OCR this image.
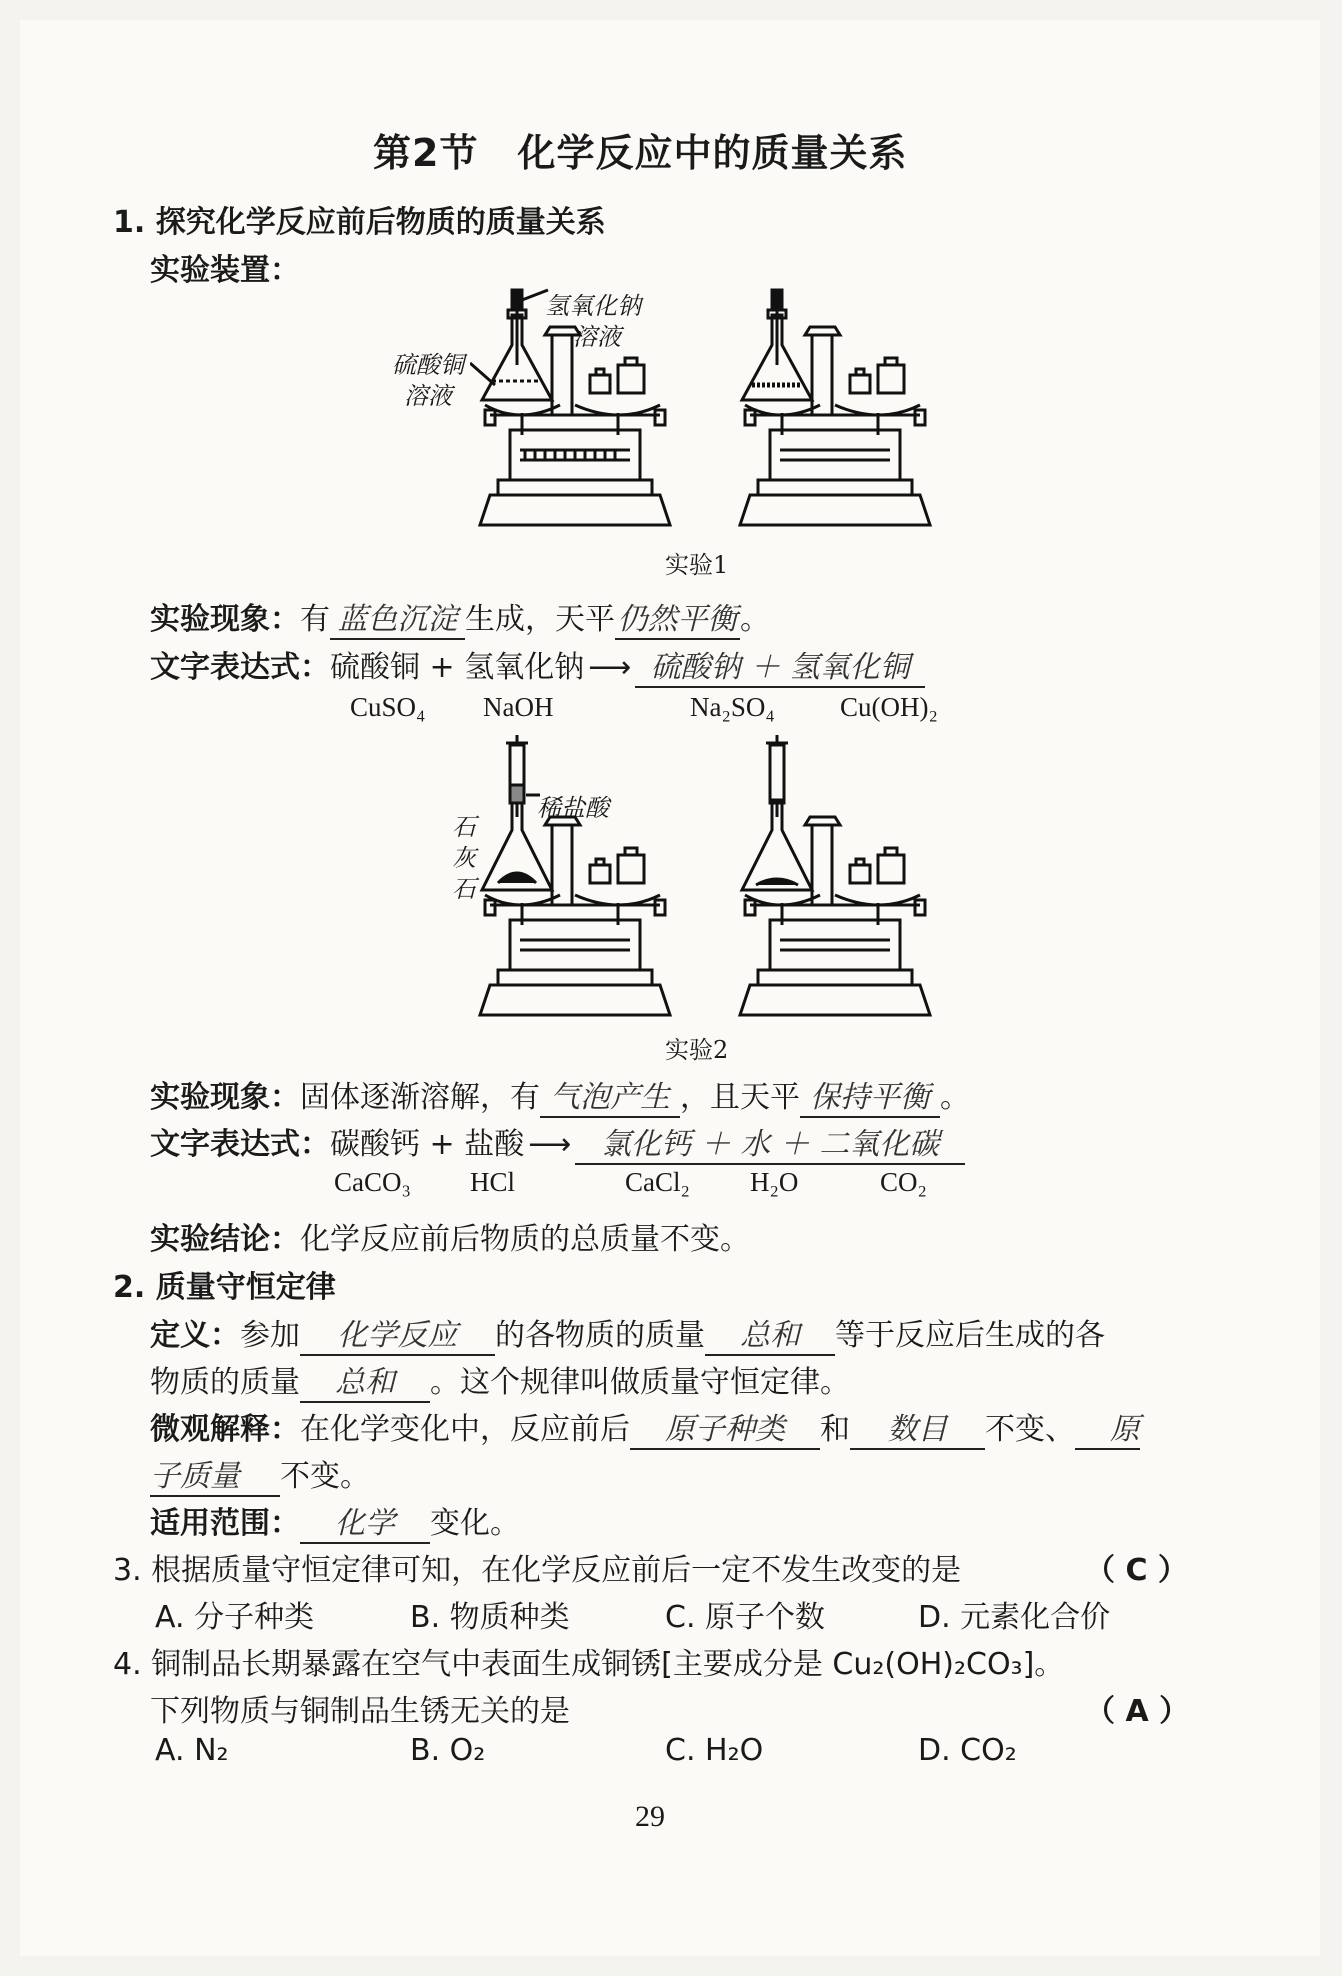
第2节　化学反应中的质量关系
1. 探究化学反应前后物质的质量关系
实验装置：
氢氧化钠
溶液
硫酸铜
溶液
实验1
实验现象：有 蓝色沉淀 生成，天平仍然平衡。
文字表达式：硫酸铜 + 氢氧化钠 ⟶ 硫酸钠 ＋ 氢氧化铜
CuSO₄ NaOH	Na₂SO₄ Cu(OH)₂
稀盐酸
石
灰
石
实验2
实验现象：固体逐渐溶解，有 气泡产生 ，且天平 保持平衡 。
文字表达式：碳酸钙 + 盐酸 ⟶ 氯化钙 ＋ 水 ＋ 二氧化碳
CaCO₃ HCl	CaCl₂ H₂O	CO₂
实验结论：化学反应前后物质的总质量不变。
2. 质量守恒定律
定义：参加 化学反应 的各物质的质量 总和 等于反应后生成的各
物质的质量 总和 。这个规律叫做质量守恒定律。
微观解释：在化学变化中，反应前后 原子种类 和 数目 不变、 原
子质量 不变。
适用范围： 化学 变化。
3. 根据质量守恒定律可知，在化学反应前后一定不发生改变的是	（ C ）
A. 分子种类	B. 物质种类	C. 原子个数	D. 元素化合价
4. 铜制品长期暴露在空气中表面生成铜锈[主要成分是 Cu₂(OH)₂CO₃]。
下列物质与铜制品生锈无关的是	（ A ）
A. N₂	B. O₂	C. H₂O	D. CO₂
29
